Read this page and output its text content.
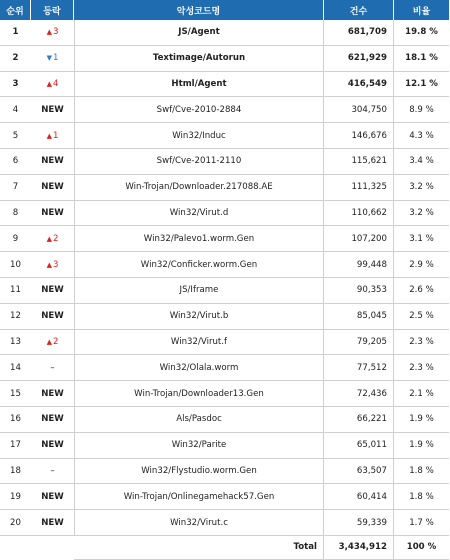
순위	등락	악성코드명	건수	비율
1	▲3	JS/Agent	681,709	19.8 %
2	▼1	Textimage/Autorun	621,929	18.1 %
3	▲4	Html/Agent	416,549	12.1 %
4	NEW	Swf/Cve-2010-2884	304,750	8.9 %
5	▲1	Win32/Induc	146,676	4.3 %
6	NEW	Swf/Cve-2011-2110	115,621	3.4 %
7	NEW	Win-Trojan/Downloader.217088.AE	111,325	3.2 %
8	NEW	Win32/Virut.d	110,662	3.2 %
9	▲2	Win32/Palevo1.worm.Gen	107,200	3.1 %
10	▲3	Win32/Conficker.worm.Gen	99,448	2.9 %
11	NEW	JS/Iframe	90,353	2.6 %
12	NEW	Win32/Virut.b	85,045	2.5 %
13	▲2	Win32/Virut.f	79,205	2.3 %
14	–	Win32/Olala.worm	77,512	2.3 %
15	NEW	Win-Trojan/Downloader13.Gen	72,436	2.1 %
16	NEW	Als/Pasdoc	66,221	1.9 %
17	NEW	Win32/Parite	65,011	1.9 %
18	–	Win32/Flystudio.worm.Gen	63,507	1.8 %
19	NEW	Win-Trojan/Onlinegamehack57.Gen	60,414	1.8 %
20	NEW	Win32/Virut.c	59,339	1.7 %
		Total	3,434,912	100 %
